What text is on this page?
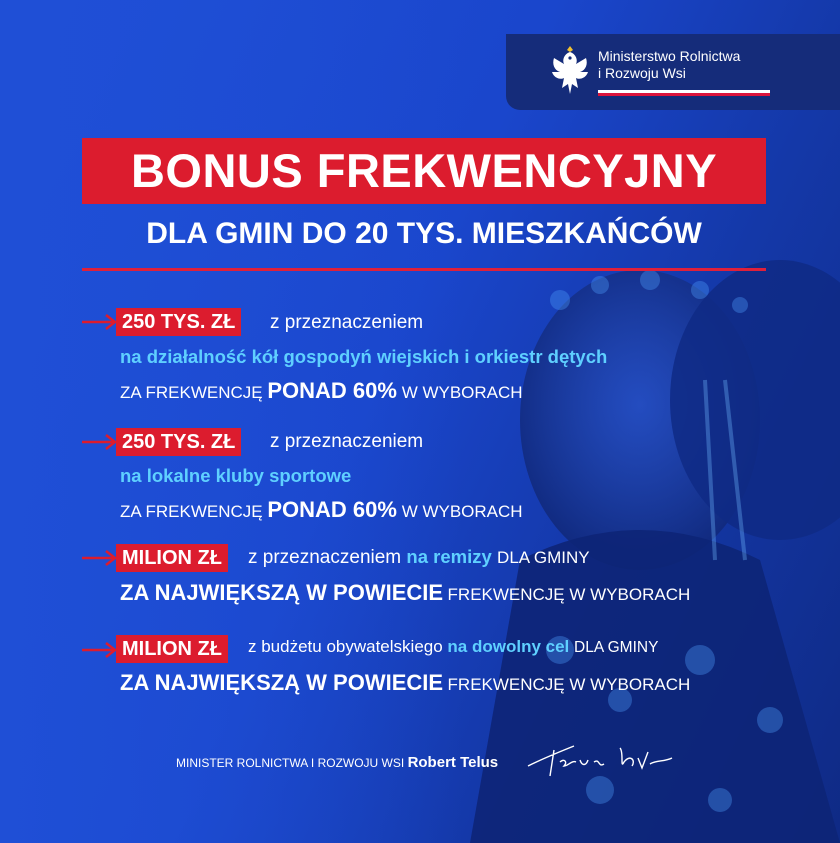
Ministerstwo Rolnictwa
i Rozwoju Wsi
BONUS FREKWENCYJNY
DLA GMIN DO 20 TYS. MIESZKAŃCÓW
250 TYS. ZŁ	z przeznaczeniem
na działalność kół gospodyń wiejskich i orkiestr dętych
ZA FREKWENCJĘ PONAD 60% W WYBORACH
250 TYS. ZŁ	z przeznaczeniem
na lokalne kluby sportowe
ZA FREKWENCJĘ PONAD 60% W WYBORACH
MILION ZŁ	z przeznaczeniem na remizy DLA GMINY
ZA NAJWIĘKSZĄ W POWIECIE FREKWENCJĘ W WYBORACH
MILION ZŁ	z budżetu obywatelskiego na dowolny cel DLA GMINY
ZA NAJWIĘKSZĄ W POWIECIE FREKWENCJĘ W WYBORACH
MINISTER ROLNICTWA I ROZWOJU WSI Robert Telus
